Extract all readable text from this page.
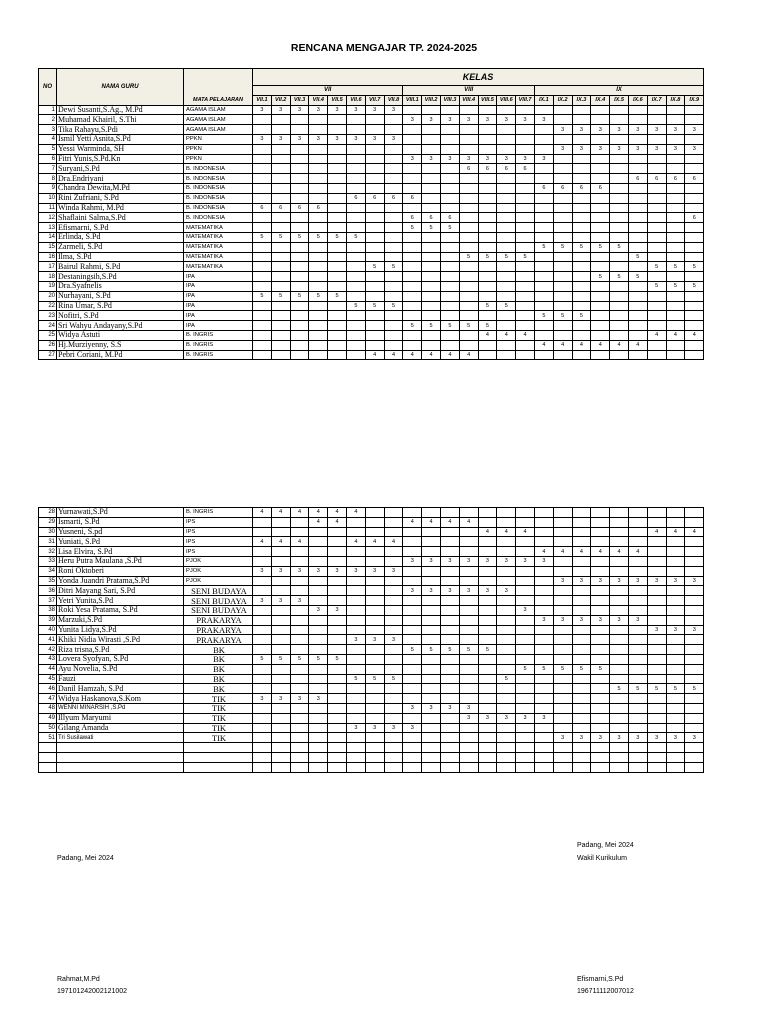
RENCANA MENGAJAR TP. 2024-2025
NO	NAMA GURU		KELAS																							
			VII								VIII							IX								
		MATA PELAJARAN	VII.1	VII.2	VII.3	VII.4	VII.5	VII.6	VII.7	VII.8	VIII.1	VIII.2	VIII.3	VIII.4	VIII.5	VIII.6	VIII.7	IX.1	IX.2	IX.3	IX.4	IX.5	IX.6	IX.7	IX.8	IX.9
1	Dewi Susanti,S.Ag., M.Pd	AGAMA ISLAM	3	3	3	3	3	3	3	3																
2	Muhamad Khairil, S.Thi	AGAMA ISLAM									3	3	3	3	3	3	3	3								
3	Tika Rahayu,S.Pdi	AGAMA ISLAM																	3	3	3	3	3	3	3	3
4	Ismil Yetti Asnita,S.Pd	PPKN	3	3	3	3	3	3	3	3																
5	Yessi Warminda, SH	PPKN																	3	3	3	3	3	3	3	3
6	Fitri Yunis,S.Pd.Kn	PPKN									3	3	3	3	3	3	3	3								
7	Suryani,S.Pd	B. INDONESIA												6	6	6	6									
8	Dra.Endriyani	B. INDONESIA																					6	6	6	6
9	Chandra Dewita,M.Pd	B. INDONESIA																6	6	6	6					
10	Rini Zufriani, S.Pd	B. INDONESIA						6	6	6	6															
11	Winda Rahmi, M.Pd	B. INDONESIA	6	6	6	6																				
12	Shaflaini Salma,S.Pd	B. INDONESIA									6	6	6													6
13	Efismarni, S.Pd	MATEMATIKA									5	5	5													
14	Erlinda, S.Pd	MATEMATIKA	5	5	5	5	5	5																		
15	Zarmeli, S.Pd	MATEMATIKA																5	5	5	5	5				
16	Ilma, S.Pd	MATEMATIKA												5	5	5	5						5			
17	Bairul Rahmi, S.Pd	MATEMATIKA							5	5														5	5	5
18	Destaningsih,S.Pd	IPA																			5	5	5			
19	Dra.Syafnelis	IPA																						5	5	5
20	Nurhayani, S.Pd	IPA	5	5	5	5	5																			
22	Rina Umar, S.Pd	IPA						5	5	5					5	5										
23	Nofitri, S.Pd	IPA																5	5	5						
24	Sri Wahyu Andayany,S.Pd	IPA									5	5	5	5	5											
25	Widya Astuti	B. INGRIS													4	4	4							4	4	4
26	Hj.Murziyenny, S.S	B. INGRIS																4	4	4	4	4	4			
27	Pebri Coriani, M.Pd	B. INGRIS							4	4	4	4	4	4												
28	Yurnawati,S.Pd	B. INGRIS	4	4	4	4	4	4																		
29	Ismarti, S.Pd	IPS				4	4				4	4	4	4												
30	Yusneni, S.pd	IPS													4	4	4							4	4	4
31	Yuniati, S.Pd	IPS	4	4	4			4	4	4																
32	Lisa Elvira, S.Pd	IPS																4	4	4	4	4	4			
33	Heru Putra Maulana ,S.Pd	PJOK									3	3	3	3	3	3	3	3								
34	Roni Oktoberi	PJOK	3	3	3	3	3	3	3	3																
35	Yonda Juandri Pratama,S.Pd	PJOK																	3	3	3	3	3	3	3	3
36	Ditri Mayang Sari, S.Pd	SENI BUDAYA									3	3	3	3	3	3										
37	Yetri Yunita,S.Pd	SENI BUDAYA	3	3	3																					
38	Roki Yesa Pratama, S.Pd	SENI BUDAYA				3	3										3									
39	Marzuki,S.Pd	PRAKARYA																3	3	3	3	3	3			
40	Yunita Lidya,S.Pd	PRAKARYA																						3	3	3
41	Khiki Nidia Wirasti ,S.Pd	PRAKARYA						3	3	3																
42	Riza trisna,S.Pd	BK									5	5	5	5	5											
43	Lovera Syofyan, S.Pd	BK	5	5	5	5	5																			
44	Ayu Novelia, S.Pd	BK															5	5	5	5	5					
45	Fauzi	BK						5	5	5						5										
46	Danil Hamzah, S.Pd	BK																				5	5	5	5	5
47	Widya Haskanova,S.Kom	TIK	3	3	3	3																				
48	WENNI MINARSIH ,S.Pd	TIK									3	3	3	3												
49	Illyum Maryumi	TIK												3	3	3	3	3								
50	Gilang Amanda	TIK						3	3	3	3															
51	Tri Susilawati	TIK																	3	3	3	3	3	3	3	3

Padang, Mei 2024
Padang, Mei 2024
Wakil Kurikulum
Rahmat,M.Pd
197101242002121002
Efismarni,S.Pd
196711112007012
